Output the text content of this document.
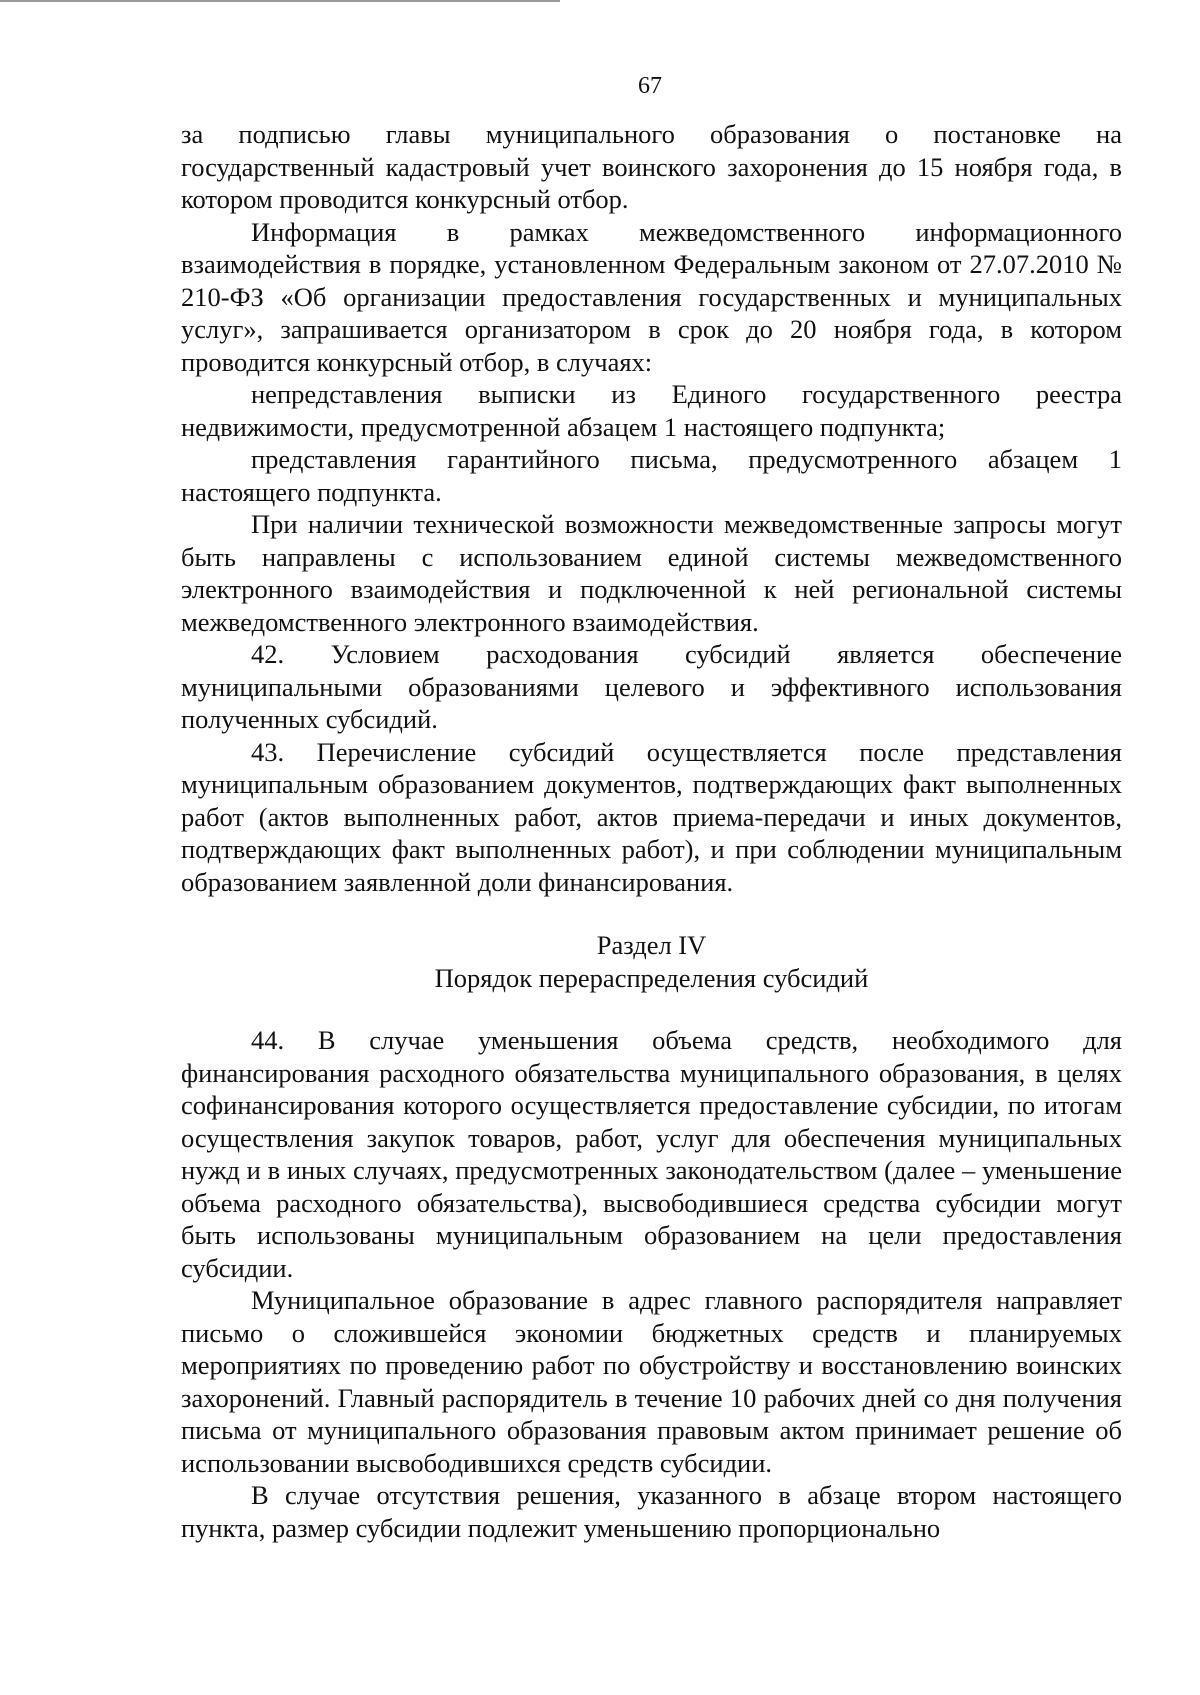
67

за подписью главы муниципального образования о постановке на государственный кадастровый учет воинского захоронения до 15 ноября года, в котором проводится конкурсный отбор.

Информация в рамках межведомственного информационного взаимодействия в порядке, установленном Федеральным законом от 27.07.2010 № 210-ФЗ «Об организации предоставления государственных и муниципальных услуг», запрашивается организатором в срок до 20 ноября года, в котором проводится конкурсный отбор, в случаях:

непредставления выписки из Единого государственного реестра недвижимости, предусмотренной абзацем 1 настоящего подпункта;

представления гарантийного письма, предусмотренного абзацем 1 настоящего подпункта.

При наличии технической возможности межведомственные запросы могут быть направлены с использованием единой системы межведомственного электронного взаимодействия и подключенной к ней региональной системы межведомственного электронного взаимодействия.

42. Условием расходования субсидий является обеспечение муниципальными образованиями целевого и эффективного использования полученных субсидий.

43. Перечисление субсидий осуществляется после представления муниципальным образованием документов, подтверждающих факт выполненных работ (актов выполненных работ, актов приема-передачи и иных документов, подтверждающих факт выполненных работ), и при соблюдении муниципальным образованием заявленной доли финансирования.

Раздел IV

Порядок перераспределения субсидий

44. В случае уменьшения объема средств, необходимого для финансирования расходного обязательства муниципального образования, в целях софинансирования которого осуществляется предоставление субсидии, по итогам осуществления закупок товаров, работ, услуг для обеспечения муниципальных нужд и в иных случаях, предусмотренных законодательством (далее – уменьшение объема расходного обязательства), высвободившиеся средства субсидии могут быть использованы муниципальным образованием на цели предоставления субсидии.

Муниципальное образование в адрес главного распорядителя направляет письмо о сложившейся экономии бюджетных средств и планируемых мероприятиях по проведению работ по обустройству и восстановлению воинских захоронений. Главный распорядитель в течение 10 рабочих дней со дня получения письма от муниципального образования правовым актом принимает решение об использовании высвободившихся средств субсидии.

В случае отсутствия решения, указанного в абзаце втором настоящего пункта, размер субсидии подлежит уменьшению пропорционально
